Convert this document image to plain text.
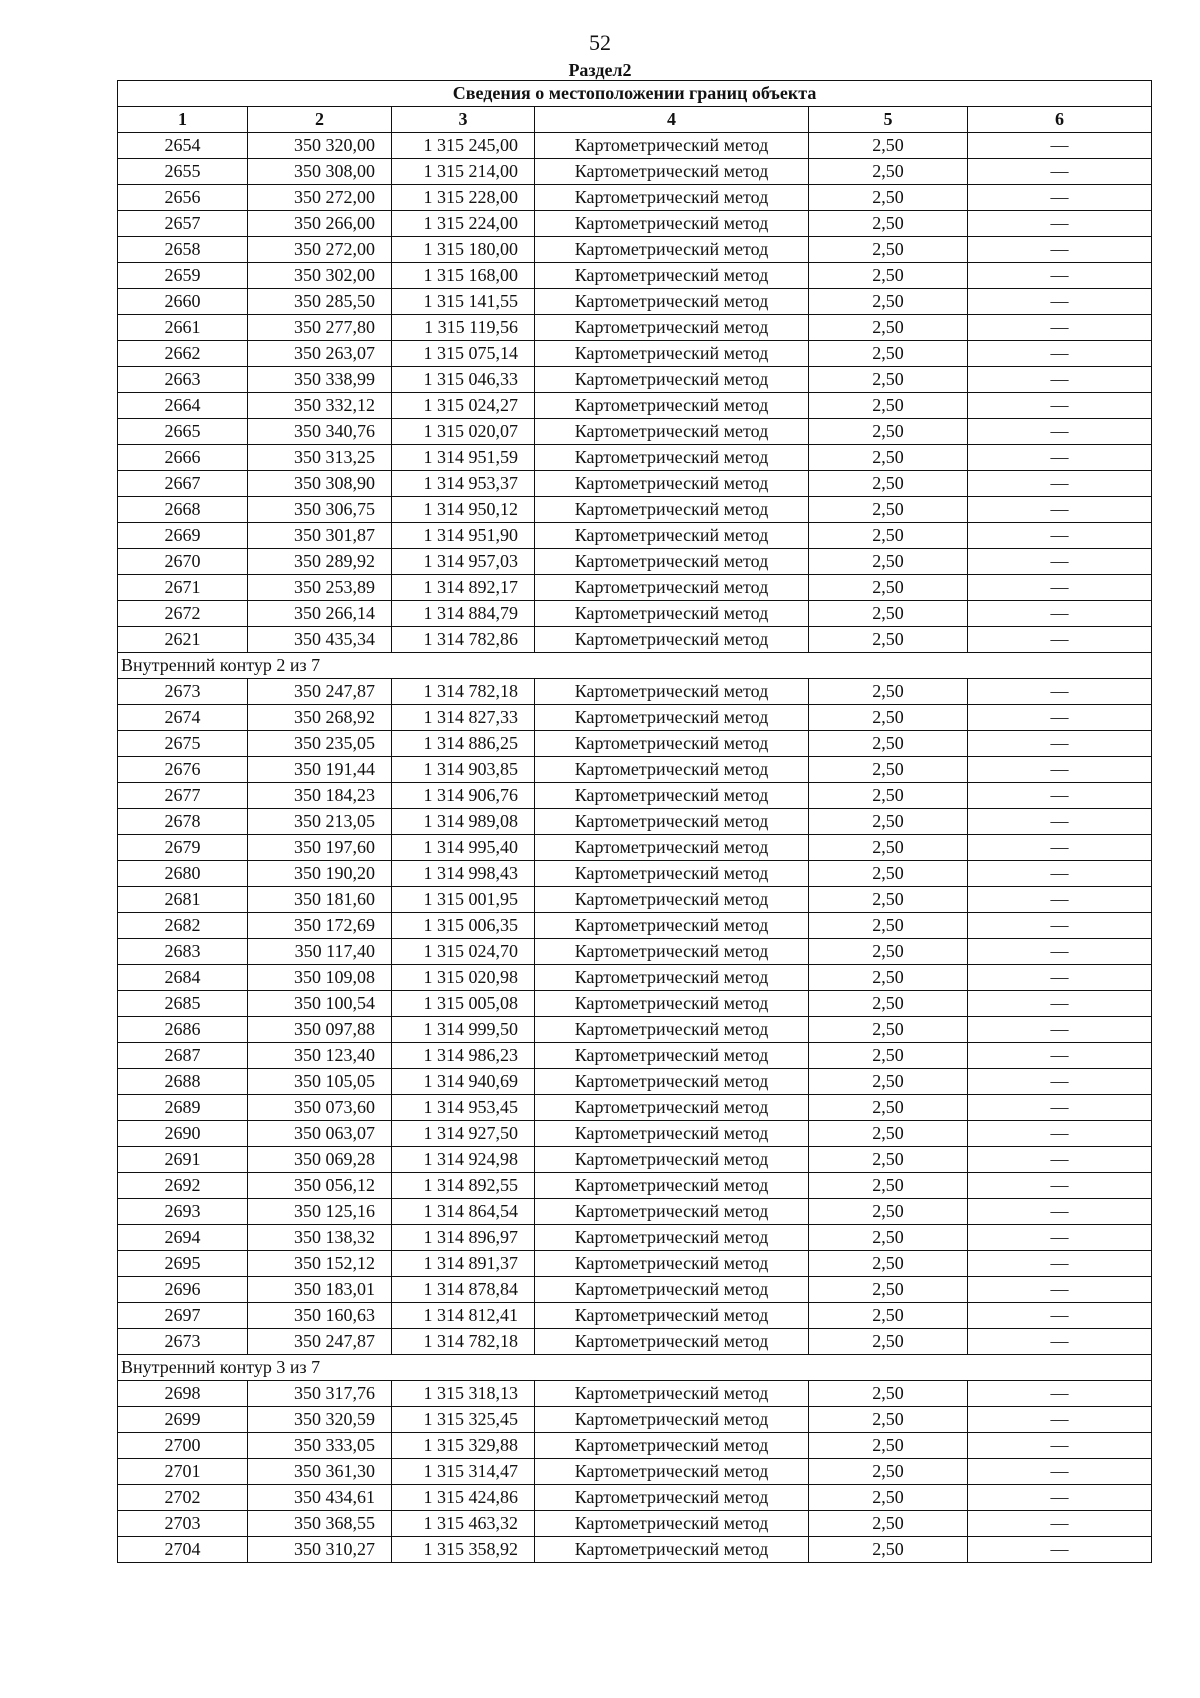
52
Раздел2
Сведения о местоположении границ объекта					
1	2	3	4	5	6
2654	350 320,00	1 315 245,00	Картометрический метод	2,50	—
2655	350 308,00	1 315 214,00	Картометрический метод	2,50	—
2656	350 272,00	1 315 228,00	Картометрический метод	2,50	—
2657	350 266,00	1 315 224,00	Картометрический метод	2,50	—
2658	350 272,00	1 315 180,00	Картометрический метод	2,50	—
2659	350 302,00	1 315 168,00	Картометрический метод	2,50	—
2660	350 285,50	1 315 141,55	Картометрический метод	2,50	—
2661	350 277,80	1 315 119,56	Картометрический метод	2,50	—
2662	350 263,07	1 315 075,14	Картометрический метод	2,50	—
2663	350 338,99	1 315 046,33	Картометрический метод	2,50	—
2664	350 332,12	1 315 024,27	Картометрический метод	2,50	—
2665	350 340,76	1 315 020,07	Картометрический метод	2,50	—
2666	350 313,25	1 314 951,59	Картометрический метод	2,50	—
2667	350 308,90	1 314 953,37	Картометрический метод	2,50	—
2668	350 306,75	1 314 950,12	Картометрический метод	2,50	—
2669	350 301,87	1 314 951,90	Картометрический метод	2,50	—
2670	350 289,92	1 314 957,03	Картометрический метод	2,50	—
2671	350 253,89	1 314 892,17	Картометрический метод	2,50	—
2672	350 266,14	1 314 884,79	Картометрический метод	2,50	—
2621	350 435,34	1 314 782,86	Картометрический метод	2,50	—
Внутренний контур 2 из 7					
2673	350 247,87	1 314 782,18	Картометрический метод	2,50	—
2674	350 268,92	1 314 827,33	Картометрический метод	2,50	—
2675	350 235,05	1 314 886,25	Картометрический метод	2,50	—
2676	350 191,44	1 314 903,85	Картометрический метод	2,50	—
2677	350 184,23	1 314 906,76	Картометрический метод	2,50	—
2678	350 213,05	1 314 989,08	Картометрический метод	2,50	—
2679	350 197,60	1 314 995,40	Картометрический метод	2,50	—
2680	350 190,20	1 314 998,43	Картометрический метод	2,50	—
2681	350 181,60	1 315 001,95	Картометрический метод	2,50	—
2682	350 172,69	1 315 006,35	Картометрический метод	2,50	—
2683	350 117,40	1 315 024,70	Картометрический метод	2,50	—
2684	350 109,08	1 315 020,98	Картометрический метод	2,50	—
2685	350 100,54	1 315 005,08	Картометрический метод	2,50	—
2686	350 097,88	1 314 999,50	Картометрический метод	2,50	—
2687	350 123,40	1 314 986,23	Картометрический метод	2,50	—
2688	350 105,05	1 314 940,69	Картометрический метод	2,50	—
2689	350 073,60	1 314 953,45	Картометрический метод	2,50	—
2690	350 063,07	1 314 927,50	Картометрический метод	2,50	—
2691	350 069,28	1 314 924,98	Картометрический метод	2,50	—
2692	350 056,12	1 314 892,55	Картометрический метод	2,50	—
2693	350 125,16	1 314 864,54	Картометрический метод	2,50	—
2694	350 138,32	1 314 896,97	Картометрический метод	2,50	—
2695	350 152,12	1 314 891,37	Картометрический метод	2,50	—
2696	350 183,01	1 314 878,84	Картометрический метод	2,50	—
2697	350 160,63	1 314 812,41	Картометрический метод	2,50	—
2673	350 247,87	1 314 782,18	Картометрический метод	2,50	—
Внутренний контур 3 из 7					
2698	350 317,76	1 315 318,13	Картометрический метод	2,50	—
2699	350 320,59	1 315 325,45	Картометрический метод	2,50	—
2700	350 333,05	1 315 329,88	Картометрический метод	2,50	—
2701	350 361,30	1 315 314,47	Картометрический метод	2,50	—
2702	350 434,61	1 315 424,86	Картометрический метод	2,50	—
2703	350 368,55	1 315 463,32	Картометрический метод	2,50	—
2704	350 310,27	1 315 358,92	Картометрический метод	2,50	—
